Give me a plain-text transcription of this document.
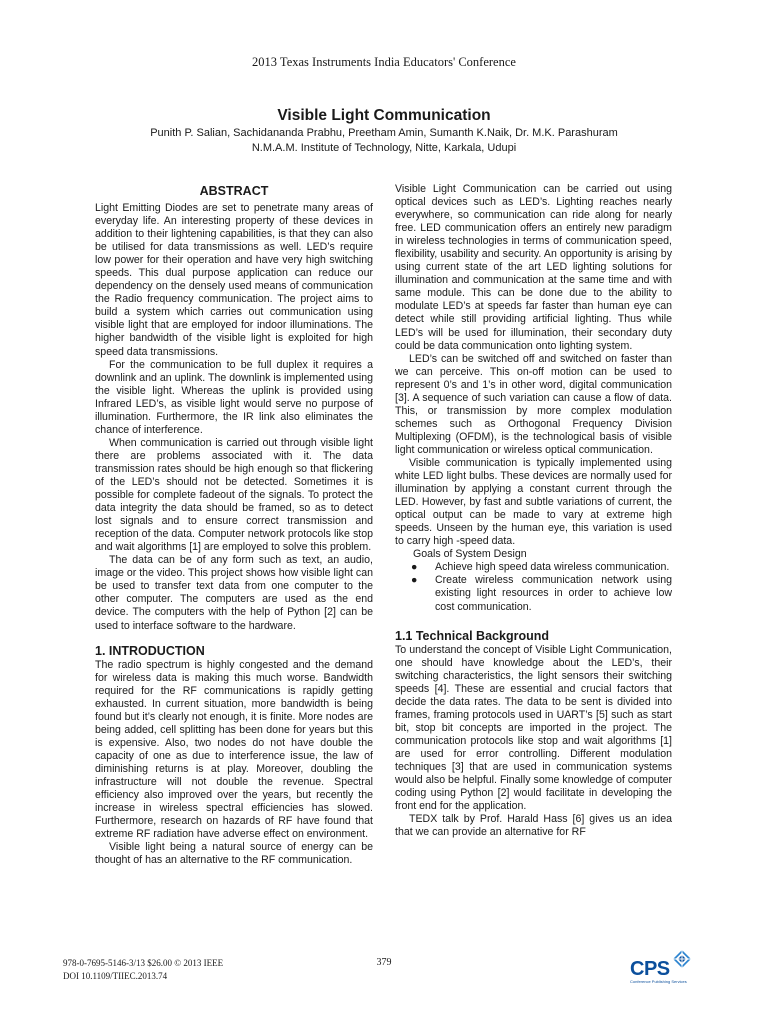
2013 Texas Instruments India Educators' Conference
Visible Light Communication
Punith P. Salian, Sachidananda Prabhu, Preetham Amin, Sumanth K.Naik, Dr. M.K. Parashuram
N.M.A.M. Institute of Technology, Nitte, Karkala, Udupi
ABSTRACT

Light Emitting Diodes are set to penetrate many areas of everyday life. An interesting property of these devices in addition to their lightening capabilities, is that they can also be utilised for data transmissions as well. LED’s require low power for their operation and have very high switching speeds. This dual purpose application can reduce our dependency on the densely used means of communication the Radio frequency communication. The project aims to build a system which carries out communication using visible light that are employed for indoor illuminations. The higher bandwidth of the visible light is exploited for high speed data transmissions.

For the communication to be full duplex it requires a downlink and an uplink. The downlink is implemented using the visible light. Whereas the uplink is provided using Infrared LED’s, as visible light would serve no purpose of illumination. Furthermore, the IR link also eliminates the chance of interference.

When communication is carried out through visible light there are problems associated with it. The data transmission rates should be high enough so that flickering of the LED’s should not be detected. Sometimes it is possible for complete fadeout of the signals. To protect the data integrity the data should be framed, so as to detect lost signals and to ensure correct transmission and reception of the data. Computer network protocols like stop and wait algorithms [1] are employed to solve this problem.

The data can be of any form such as text, an audio, image or the video. This project shows how visible light can be used to transfer text data from one computer to the other computer. The computers are used as the end device. The computers with the help of Python [2] can be used to interface software to the hardware.

1. INTRODUCTION

The radio spectrum is highly congested and the demand for wireless data is making this much worse. Bandwidth required for the RF communications is rapidly getting exhausted. In current situation, more bandwidth is being found but it’s clearly not enough, it is finite. More nodes are being added, cell splitting has been done for years but this is expensive. Also, two nodes do not have double the capacity of one as due to interference issue, the law of diminishing returns is at play. Moreover, doubling the infrastructure will not double the revenue. Spectral efficiency also improved over the years, but recently the increase in wireless spectral efficiencies has slowed. Furthermore, research on hazards of RF have found that extreme RF radiation have adverse effect on environment.

Visible light being a natural source of energy can be thought of has an alternative to the RF communication.

Visible Light Communication can be carried out using optical devices such as LED’s. Lighting reaches nearly everywhere, so communication can ride along for nearly free. LED communication offers an entirely new paradigm in wireless technologies in terms of communication speed, flexibility, usability and security. An opportunity is arising by using current state of the art LED lighting solutions for illumination and communication at the same time and with same module. This can be done due to the ability to modulate LED’s at speeds far faster than human eye can detect while still providing artificial lighting. Thus while LED’s will be used for illumination, their secondary duty could be data communication onto lighting system.

LED’s can be switched off and switched on faster than we can perceive. This on-off motion can be used to represent 0’s and 1’s in other word, digital communication [3]. A sequence of such variation can cause a flow of data. This, or transmission by more complex modulation schemes such as Orthogonal Frequency Division Multiplexing (OFDM), is the technological basis of visible light communication or wireless optical communication.

Visible communication is typically implemented using white LED light bulbs. These devices are normally used for illumination by applying a constant current through the LED. However, by fast and subtle variations of current, the optical output can be made to vary at extreme high speeds. Unseen by the human eye, this variation is used to carry high -speed data.

Goals of System Design
● Achieve high speed data wireless communication.
● Create wireless communication network using existing light resources in order to achieve low cost communication.
1.1 Technical Background

To understand the concept of Visible Light Communication, one should have knowledge about the LED’s, their switching characteristics, the light sensors their switching speeds [4]. These are essential and crucial factors that decide the data rates. The data to be sent is divided into frames, framing protocols used in UART’s [5] such as start bit, stop bit concepts are imported in the project. The communication protocols like stop and wait algorithms [1] are used for error controlling. Different modulation techniques [3] that are used in communication systems would also be helpful. Finally some knowledge of computer coding using Python [2] would facilitate in developing the front end for the application.

TEDX talk by Prof. Harald Hass [6] gives us an idea that we can provide an alternative for RF

978-0-7695-5146-3/13 $26.00 © 2013 IEEE
DOI 10.1109/TIIEC.2013.74
379	CPS
Conference Publishing Services
